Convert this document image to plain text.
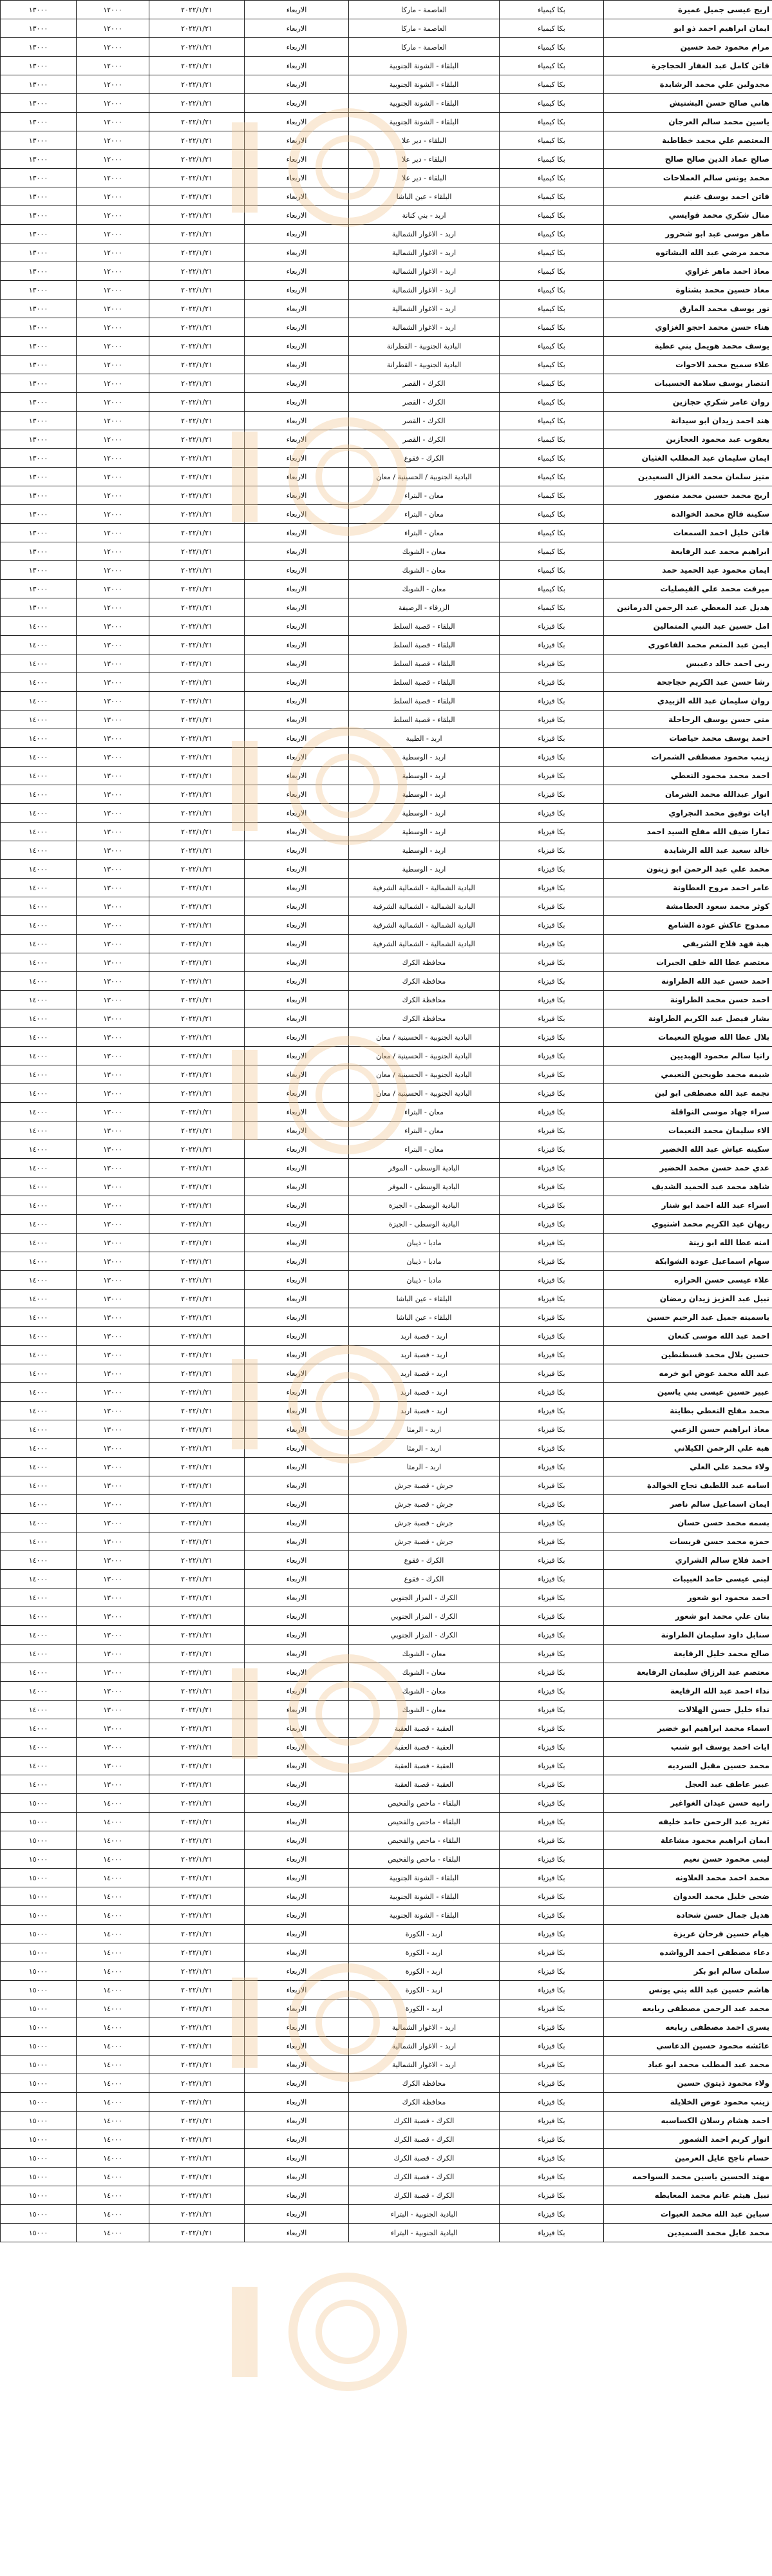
اريج عيسى جميل عميرة	بكا كيمياء	العاصمة - ماركا	الاربعاء	٢٠٢٢/١/٢١	١٢٠٠٠	١٣٠٠٠
ايمان ابراهيم احمد ذو ابو	بكا كيمياء	العاصمة - ماركا	الاربعاء	٢٠٢٢/١/٢١	١٢٠٠٠	١٣٠٠٠
مرام محمود حمد حسين	بكا كيمياء	العاصمة - ماركا	الاربعاء	٢٠٢٢/١/٢١	١٢٠٠٠	١٣٠٠٠
فاتن كامل عبد الغفار الحجاجرة	بكا كيمياء	البلقاء - الشونة الجنوبية	الاربعاء	٢٠٢٢/١/٢١	١٢٠٠٠	١٣٠٠٠
مجدولين علي محمد الرشايدة	بكا كيمياء	البلقاء - الشونة الجنوبية	الاربعاء	٢٠٢٢/١/٢١	١٢٠٠٠	١٣٠٠٠
هاني صالح حسن البشتيش	بكا كيمياء	البلقاء - الشونة الجنوبية	الاربعاء	٢٠٢٢/١/٢١	١٢٠٠٠	١٣٠٠٠
ياسين محمد سالم العرجان	بكا كيمياء	البلقاء - الشونة الجنوبية	الاربعاء	٢٠٢٢/١/٢١	١٢٠٠٠	١٣٠٠٠
المعتصم علي محمد خطاطبة	بكا كيمياء	البلقاء - دير علا	الاربعاء	٢٠٢٢/١/٢١	١٢٠٠٠	١٣٠٠٠
صالح عماد الدين صالح صالح	بكا كيمياء	البلقاء - دير علا	الاربعاء	٢٠٢٢/١/٢١	١٢٠٠٠	١٣٠٠٠
محمد يونس سالم العملاحات	بكا كيمياء	البلقاء - دير علا	الاربعاء	٢٠٢٢/١/٢١	١٢٠٠٠	١٣٠٠٠
فاتن احمد يوسف غنيم	بكا كيمياء	البلقاء - عين الباشا	الاربعاء	٢٠٢٢/١/٢١	١٢٠٠٠	١٣٠٠٠
منال شكري محمد قوايسي	بكا كيمياء	اربد - بني كنانة	الاربعاء	٢٠٢٢/١/٢١	١٢٠٠٠	١٣٠٠٠
ماهر موسى عبد ابو شحرور	بكا كيمياء	اربد - الاغوار الشمالية	الاربعاء	٢٠٢٢/١/٢١	١٢٠٠٠	١٣٠٠٠
محمد مرضي عبد الله البشاتوه	بكا كيمياء	اربد - الاغوار الشمالية	الاربعاء	٢٠٢٢/١/٢١	١٢٠٠٠	١٣٠٠٠
معاذ احمد ماهر غزاوي	بكا كيمياء	اربد - الاغوار الشمالية	الاربعاء	٢٠٢٢/١/٢١	١٢٠٠٠	١٣٠٠٠
معاذ حسين محمد بشتاوة	بكا كيمياء	اربد - الاغوار الشمالية	الاربعاء	٢٠٢٢/١/٢١	١٢٠٠٠	١٣٠٠٠
نور يوسف محمد المارق	بكا كيمياء	اربد - الاغوار الشمالية	الاربعاء	٢٠٢٢/١/٢١	١٢٠٠٠	١٣٠٠٠
هناء حسن محمد احجو الغزاوي	بكا كيمياء	اربد - الاغوار الشمالية	الاربعاء	٢٠٢٢/١/٢١	١٢٠٠٠	١٣٠٠٠
يوسف محمد هويمل بني عطية	بكا كيمياء	البادية الجنوبية - القطرانة	الاربعاء	٢٠٢٢/١/٢١	١٢٠٠٠	١٣٠٠٠
علاء سميح محمد الاحوات	بكا كيمياء	البادية الجنوبية - القطرانة	الاربعاء	٢٠٢٢/١/٢١	١٢٠٠٠	١٣٠٠٠
انتصار يوسف سلامة الحسيبات	بكا كيمياء	الكرك - القصر	الاربعاء	٢٠٢٢/١/٢١	١٢٠٠٠	١٣٠٠٠
روان عامر شكري حجازين	بكا كيمياء	الكرك - القصر	الاربعاء	٢٠٢٢/١/٢١	١٢٠٠٠	١٣٠٠٠
هند احمد زيدان ابو سيدانة	بكا كيمياء	الكرك - القصر	الاربعاء	٢٠٢٢/١/٢١	١٢٠٠٠	١٣٠٠٠
يعقوب عبد محمود العجازين	بكا كيمياء	الكرك - القصر	الاربعاء	٢٠٢٢/١/٢١	١٢٠٠٠	١٣٠٠٠
ايمان سليمان عبد المطلب الغثيان	بكا كيمياء	الكرك - فقوع	الاربعاء	٢٠٢٢/١/٢١	١٢٠٠٠	١٣٠٠٠
منيز سلمان محمد الغزال السعيدين	بكا كيمياء	البادية الجنوبية / الحسينية / معان	الاربعاء	٢٠٢٢/١/٢١	١٢٠٠٠	١٣٠٠٠
اريج محمد حسين محمد منصور	بكا كيمياء	معان - البتراء	الاربعاء	٢٠٢٢/١/٢١	١٢٠٠٠	١٣٠٠٠
سكينة فالح محمد الخوالدة	بكا كيمياء	معان - البتراء	الاربعاء	٢٠٢٢/١/٢١	١٢٠٠٠	١٣٠٠٠
فاتن خليل احمد السمعات	بكا كيمياء	معان - البتراء	الاربعاء	٢٠٢٢/١/٢١	١٢٠٠٠	١٣٠٠٠
ابراهيم محمد عبد الرفايعة	بكا كيمياء	معان - الشوبك	الاربعاء	٢٠٢٢/١/٢١	١٢٠٠٠	١٣٠٠٠
ايمان محمود عبد الحميد حمد	بكا كيمياء	معان - الشوبك	الاربعاء	٢٠٢٢/١/٢١	١٢٠٠٠	١٣٠٠٠
ميرفت محمد علي الفيصليات	بكا كيمياء	معان - الشوبك	الاربعاء	٢٠٢٢/١/٢١	١٢٠٠٠	١٣٠٠٠
هديل عبد المعطي عبد الرحمن الدرمانين	بكا كيمياء	الزرقاء - الرصيفة	الاربعاء	٢٠٢٢/١/٢١	١٢٠٠٠	١٣٠٠٠
امل حسين عبد النبي المتمالين	بكا فيزياء	البلقاء - قصبة السلط	الاربعاء	٢٠٢٢/١/٢١	١٣٠٠٠	١٤٠٠٠
ايمن عبد المنعم محمد الفاعوري	بكا فيزياء	البلقاء - قصبة السلط	الاربعاء	٢٠٢٢/١/٢١	١٣٠٠٠	١٤٠٠٠
ربى احمد خالد دعيبس	بكا فيزياء	البلقاء - قصبة السلط	الاربعاء	٢٠٢٢/١/٢١	١٣٠٠٠	١٤٠٠٠
رشا حسن عبد الكريم حجاجحة	بكا فيزياء	البلقاء - قصبة السلط	الاربعاء	٢٠٢٢/١/٢١	١٣٠٠٠	١٤٠٠٠
روان سليمان عبد الله الزبيدي	بكا فيزياء	البلقاء - قصبة السلط	الاربعاء	٢٠٢٢/١/٢١	١٣٠٠٠	١٤٠٠٠
منى حسن يوسف الرحاحلة	بكا فيزياء	البلقاء - قصبة السلط	الاربعاء	٢٠٢٢/١/٢١	١٣٠٠٠	١٤٠٠٠
احمد يوسف محمد حياصات	بكا فيزياء	اربد - الطيبة	الاربعاء	٢٠٢٢/١/٢١	١٣٠٠٠	١٤٠٠٠
زينب محمود مصطفى الشمرات	بكا فيزياء	اربد - الوسطية	الاربعاء	٢٠٢٢/١/٢١	١٣٠٠٠	١٤٠٠٠
احمد محمد محمود النعطي	بكا فيزياء	اربد - الوسطية	الاربعاء	٢٠٢٢/١/٢١	١٣٠٠٠	١٤٠٠٠
انوار عبدالله محمد الشرمان	بكا فيزياء	اربد - الوسطية	الاربعاء	٢٠٢٢/١/٢١	١٣٠٠٠	١٤٠٠٠
ايات توفيق محمد النجراوي	بكا فيزياء	اربد - الوسطية	الاربعاء	٢٠٢٢/١/٢١	١٣٠٠٠	١٤٠٠٠
تمارا ضيف الله مفلح السيد احمد	بكا فيزياء	اربد - الوسطية	الاربعاء	٢٠٢٢/١/٢١	١٣٠٠٠	١٤٠٠٠
خالد سعيد عبد الله الرشايدة	بكا فيزياء	اربد - الوسطية	الاربعاء	٢٠٢٢/١/٢١	١٣٠٠٠	١٤٠٠٠
محمد علي عبد الرحمن ابو زيتون	بكا فيزياء	اربد - الوسطية	الاربعاء	٢٠٢٢/١/٢١	١٣٠٠٠	١٤٠٠٠
عامر احمد مروح العطاونة	بكا فيزياء	البادية الشمالية - الشمالية الشرقية	الاربعاء	٢٠٢٢/١/٢١	١٣٠٠٠	١٤٠٠٠
كوثر محمد سعود العطامشة	بكا فيزياء	البادية الشمالية - الشمالية الشرقية	الاربعاء	٢٠٢٢/١/٢١	١٣٠٠٠	١٤٠٠٠
ممدوح عاكش عودة الشامع	بكا فيزياء	البادية الشمالية - الشمالية الشرقية	الاربعاء	٢٠٢٢/١/٢١	١٣٠٠٠	١٤٠٠٠
هبة فهد فلاح الشريفي	بكا فيزياء	البادية الشمالية - الشمالية الشرقية	الاربعاء	٢٠٢٢/١/٢١	١٣٠٠٠	١٤٠٠٠
معتصم عطا الله خلف الجبرات	بكا فيزياء	محافظة الكرك	الاربعاء	٢٠٢٢/١/٢١	١٣٠٠٠	١٤٠٠٠
احمد حسن عبد الله الطراونة	بكا فيزياء	محافظة الكرك	الاربعاء	٢٠٢٢/١/٢١	١٣٠٠٠	١٤٠٠٠
احمد حسن محمد الطراونة	بكا فيزياء	محافظة الكرك	الاربعاء	٢٠٢٢/١/٢١	١٣٠٠٠	١٤٠٠٠
بشار فيصل عبد الكريم الطراونة	بكا فيزياء	محافظة الكرك	الاربعاء	٢٠٢٢/١/٢١	١٣٠٠٠	١٤٠٠٠
بلال عطا الله صويلح النعيمات	بكا فيزياء	البادية الجنوبية - الحسينية / معان	الاربعاء	٢٠٢٢/١/٢١	١٣٠٠٠	١٤٠٠٠
رانيا سالم محمود الهبديين	بكا فيزياء	البادية الجنوبية - الحسينية / معان	الاربعاء	٢٠٢٢/١/٢١	١٣٠٠٠	١٤٠٠٠
شيمه محمد طويحين النعيمي	بكا فيزياء	البادية الجنوبية - الحسينية / معان	الاربعاء	٢٠٢٢/١/٢١	١٣٠٠٠	١٤٠٠٠
نجمه عبد الله مصطفى ابو لبن	بكا فيزياء	البادية الجنوبية - الحسينية / معان	الاربعاء	٢٠٢٢/١/٢١	١٣٠٠٠	١٤٠٠٠
سراء جهاد موسى النواقلة	بكا فيزياء	معان - البتراء	الاربعاء	٢٠٢٢/١/٢١	١٣٠٠٠	١٤٠٠٠
الاء سليمان محمد النعيمات	بكا فيزياء	معان - البتراء	الاربعاء	٢٠٢٢/١/٢١	١٣٠٠٠	١٤٠٠٠
سكينه عياش عبد الله الخضير	بكا فيزياء	معان - البتراء	الاربعاء	٢٠٢٢/١/٢١	١٣٠٠٠	١٤٠٠٠
عدي حمد حسن محمد الحضير	بكا فيزياء	البادية الوسطى - الموقر	الاربعاء	٢٠٢٢/١/٢١	١٣٠٠٠	١٤٠٠٠
شاهد محمد عبد الحميد الشديف	بكا فيزياء	البادية الوسطى - الموقر	الاربعاء	٢٠٢٢/١/٢١	١٣٠٠٠	١٤٠٠٠
اسراء عبد الله احمد ابو شنار	بكا فيزياء	البادية الوسطى - الجيزة	الاربعاء	٢٠٢٢/١/٢١	١٣٠٠٠	١٤٠٠٠
ريهان عبد الكريم محمد اشتيوي	بكا فيزياء	البادية الوسطى - الجيزة	الاربعاء	٢٠٢٢/١/٢١	١٣٠٠٠	١٤٠٠٠
امنه عطا الله ابو زينة	بكا فيزياء	مادبا - ذيبان	الاربعاء	٢٠٢٢/١/٢١	١٣٠٠٠	١٤٠٠٠
سهام اسماعيل عودة الشوابكة	بكا فيزياء	مادبا - ذيبان	الاربعاء	٢٠٢٢/١/٢١	١٣٠٠٠	١٤٠٠٠
علاء عيسى حسن الحرازه	بكا فيزياء	مادبا - ذيبان	الاربعاء	٢٠٢٢/١/٢١	١٣٠٠٠	١٤٠٠٠
نبيل عبد العزيز زيدان رمضان	بكا فيزياء	البلقاء - عين الباشا	الاربعاء	٢٠٢٢/١/٢١	١٣٠٠٠	١٤٠٠٠
ياسمينه جميل عبد الرحيم حسين	بكا فيزياء	البلقاء - عين الباشا	الاربعاء	٢٠٢٢/١/٢١	١٣٠٠٠	١٤٠٠٠
احمد عبد الله موسى كنعان	بكا فيزياء	اربد - قصبة اربد	الاربعاء	٢٠٢٢/١/٢١	١٣٠٠٠	١٤٠٠٠
حسين بلال محمد قسطنطين	بكا فيزياء	اربد - قصبة اربد	الاربعاء	٢٠٢٢/١/٢١	١٣٠٠٠	١٤٠٠٠
عبد الله محمد عوض ابو خرمه	بكا فيزياء	اربد - قصبة اربد	الاربعاء	٢٠٢٢/١/٢١	١٣٠٠٠	١٤٠٠٠
عبير حسين عيسى بني ياسين	بكا فيزياء	اربد - قصبة اربد	الاربعاء	٢٠٢٢/١/٢١	١٣٠٠٠	١٤٠٠٠
محمد مفلح النعطي بطاينة	بكا فيزياء	اربد - قصبة اربد	الاربعاء	٢٠٢٢/١/٢١	١٣٠٠٠	١٤٠٠٠
معاذ ابراهيم حسن الزعبي	بكا فيزياء	اربد - الرمثا	الاربعاء	٢٠٢٢/١/٢١	١٣٠٠٠	١٤٠٠٠
هبة علي الرحمن الكيلاني	بكا فيزياء	اربد - الرمثا	الاربعاء	٢٠٢٢/١/٢١	١٣٠٠٠	١٤٠٠٠
ولاء محمد علي العلي	بكا فيزياء	اربد - الرمثا	الاربعاء	٢٠٢٢/١/٢١	١٣٠٠٠	١٤٠٠٠
اسامه عبد اللطيف نجاح الخوالدة	بكا فيزياء	جرش - قصبة جرش	الاربعاء	٢٠٢٢/١/٢١	١٣٠٠٠	١٤٠٠٠
ايمان اسماعيل سالم ناصر	بكا فيزياء	جرش - قصبة جرش	الاربعاء	٢٠٢٢/١/٢١	١٣٠٠٠	١٤٠٠٠
بسمه محمد حسن حسان	بكا فيزياء	جرش - قصبة جرش	الاربعاء	٢٠٢٢/١/٢١	١٣٠٠٠	١٤٠٠٠
حمزه محمد حسن قريسات	بكا فيزياء	جرش - قصبة جرش	الاربعاء	٢٠٢٢/١/٢١	١٣٠٠٠	١٤٠٠٠
احمد فلاح سالم الشراري	بكا فيزياء	الكرك - فقوع	الاربعاء	٢٠٢٢/١/٢١	١٣٠٠٠	١٤٠٠٠
لبنى عيسى حامد العبيبات	بكا فيزياء	الكرك - فقوع	الاربعاء	٢٠٢٢/١/٢١	١٣٠٠٠	١٤٠٠٠
احمد محمود ابو شعور	بكا فيزياء	الكرك - المزار الجنوبي	الاربعاء	٢٠٢٢/١/٢١	١٣٠٠٠	١٤٠٠٠
بنان علي محمد ابو شعور	بكا فيزياء	الكرك - المزار الجنوبي	الاربعاء	٢٠٢٢/١/٢١	١٣٠٠٠	١٤٠٠٠
سنابل داود سليمان الطراونة	بكا فيزياء	الكرك - المزار الجنوبي	الاربعاء	٢٠٢٢/١/٢١	١٣٠٠٠	١٤٠٠٠
صالح محمد خليل الرفايعة	بكا فيزياء	معان - الشوبك	الاربعاء	٢٠٢٢/١/٢١	١٣٠٠٠	١٤٠٠٠
معتصم عبد الرزاق سليمان الرفايعة	بكا فيزياء	معان - الشوبك	الاربعاء	٢٠٢٢/١/٢١	١٣٠٠٠	١٤٠٠٠
نداء احمد عبد الله الرفايعة	بكا فيزياء	معان - الشوبك	الاربعاء	٢٠٢٢/١/٢١	١٣٠٠٠	١٤٠٠٠
نداء خليل حسن الهلالات	بكا فيزياء	معان - الشوبك	الاربعاء	٢٠٢٢/١/٢١	١٣٠٠٠	١٤٠٠٠
اسماء محمد ابراهيم ابو خضير	بكا فيزياء	العقبة - قصبة العقبة	الاربعاء	٢٠٢٢/١/٢١	١٣٠٠٠	١٤٠٠٠
ايات احمد يوسف ابو شنب	بكا فيزياء	العقبة - قصبة العقبة	الاربعاء	٢٠٢٢/١/٢١	١٣٠٠٠	١٤٠٠٠
محمد حسين مقبل السرديه	بكا فيزياء	العقبة - قصبة العقبة	الاربعاء	٢٠٢٢/١/٢١	١٣٠٠٠	١٤٠٠٠
عبير عاطف عبد العجل	بكا فيزياء	العقبة - قصبة العقبة	الاربعاء	٢٠٢٢/١/٢١	١٣٠٠٠	١٤٠٠٠
رانيه حسن عيدان الغواغير	بكا فيزياء	البلقاء - ماحص والفحيص	الاربعاء	٢٠٢٢/١/٢١	١٤٠٠٠	١٥٠٠٠
تغريد عبد الرحمن حامد خليفه	بكا فيزياء	البلقاء - ماحص والفحيص	الاربعاء	٢٠٢٢/١/٢١	١٤٠٠٠	١٥٠٠٠
ايمان ابراهيم محمود مشاعلة	بكا فيزياء	البلقاء - ماحص والفحيص	الاربعاء	٢٠٢٢/١/٢١	١٤٠٠٠	١٥٠٠٠
لبنى محمود حسن نعيم	بكا فيزياء	البلقاء - ماحص والفحيص	الاربعاء	٢٠٢٢/١/٢١	١٤٠٠٠	١٥٠٠٠
محمد احمد محمد العلاونه	بكا فيزياء	البلقاء - الشونة الجنوبية	الاربعاء	٢٠٢٢/١/٢١	١٤٠٠٠	١٥٠٠٠
ضحى خليل محمد العدوان	بكا فيزياء	البلقاء - الشونة الجنوبية	الاربعاء	٢٠٢٢/١/٢١	١٤٠٠٠	١٥٠٠٠
هديل جمال حسن شحادة	بكا فيزياء	البلقاء - الشونة الجنوبية	الاربعاء	٢٠٢٢/١/٢١	١٤٠٠٠	١٥٠٠٠
هيام حسين فرحان عريزة	بكا فيزياء	اربد - الكورة	الاربعاء	٢٠٢٢/١/٢١	١٤٠٠٠	١٥٠٠٠
دعاء مصطفى احمد الرواشده	بكا فيزياء	اربد - الكورة	الاربعاء	٢٠٢٢/١/٢١	١٤٠٠٠	١٥٠٠٠
سلمان سالم ابو بكر	بكا فيزياء	اربد - الكورة	الاربعاء	٢٠٢٢/١/٢١	١٤٠٠٠	١٥٠٠٠
هاشم حسين عبد الله بني يونس	بكا فيزياء	اربد - الكورة	الاربعاء	٢٠٢٢/١/٢١	١٤٠٠٠	١٥٠٠٠
محمد عبد الرحمن مصطفى ربابعه	بكا فيزياء	اربد - الكورة	الاربعاء	٢٠٢٢/١/٢١	١٤٠٠٠	١٥٠٠٠
يسرى احمد مصطفى ربابعه	بكا فيزياء	اربد - الاغوار الشمالية	الاربعاء	٢٠٢٢/١/٢١	١٤٠٠٠	١٥٠٠٠
عائشه محمود حسين الدعاسي	بكا فيزياء	اربد - الاغوار الشمالية	الاربعاء	٢٠٢٢/١/٢١	١٤٠٠٠	١٥٠٠٠
محمد عبد المطلب محمد ابو عباد	بكا فيزياء	اربد - الاغوار الشمالية	الاربعاء	٢٠٢٢/١/٢١	١٤٠٠٠	١٥٠٠٠
ولاء محمود ذيتوي حسين	بكا فيزياء	محافظة الكرك	الاربعاء	٢٠٢٢/١/٢١	١٤٠٠٠	١٥٠٠٠
زينب محمود عوض الخلايلة	بكا فيزياء	محافظة الكرك	الاربعاء	٢٠٢٢/١/٢١	١٤٠٠٠	١٥٠٠٠
احمد هشام رسلان الكساسبه	بكا فيزياء	الكرك - قصبة الكرك	الاربعاء	٢٠٢٢/١/٢١	١٤٠٠٠	١٥٠٠٠
انوار كريم احمد الشمور	بكا فيزياء	الكرك - قصبة الكرك	الاربعاء	٢٠٢٢/١/٢١	١٤٠٠٠	١٥٠٠٠
حسام ناجح عايل العرمين	بكا فيزياء	الكرك - قصبة الكرك	الاربعاء	٢٠٢٢/١/٢١	١٤٠٠٠	١٥٠٠٠
مهند الحسين ياسين محمد السواحمه	بكا فيزياء	الكرك - قصبة الكرك	الاربعاء	٢٠٢٢/١/٢١	١٤٠٠٠	١٥٠٠٠
نبيل هيثم غانم محمد المعايطه	بكا فيزياء	الكرك - قصبة الكرك	الاربعاء	٢٠٢٢/١/٢١	١٤٠٠٠	١٥٠٠٠
سباين عبد الله محمد العبوات	بكا فيزياء	البادية الجنوبية - البتراء	الاربعاء	٢٠٢٢/١/٢١	١٤٠٠٠	١٥٠٠٠
محمد عايل محمد السميدين	بكا فيزياء	البادية الجنوبية - البتراء	الاربعاء	٢٠٢٢/١/٢١	١٤٠٠٠	١٥٠٠٠
